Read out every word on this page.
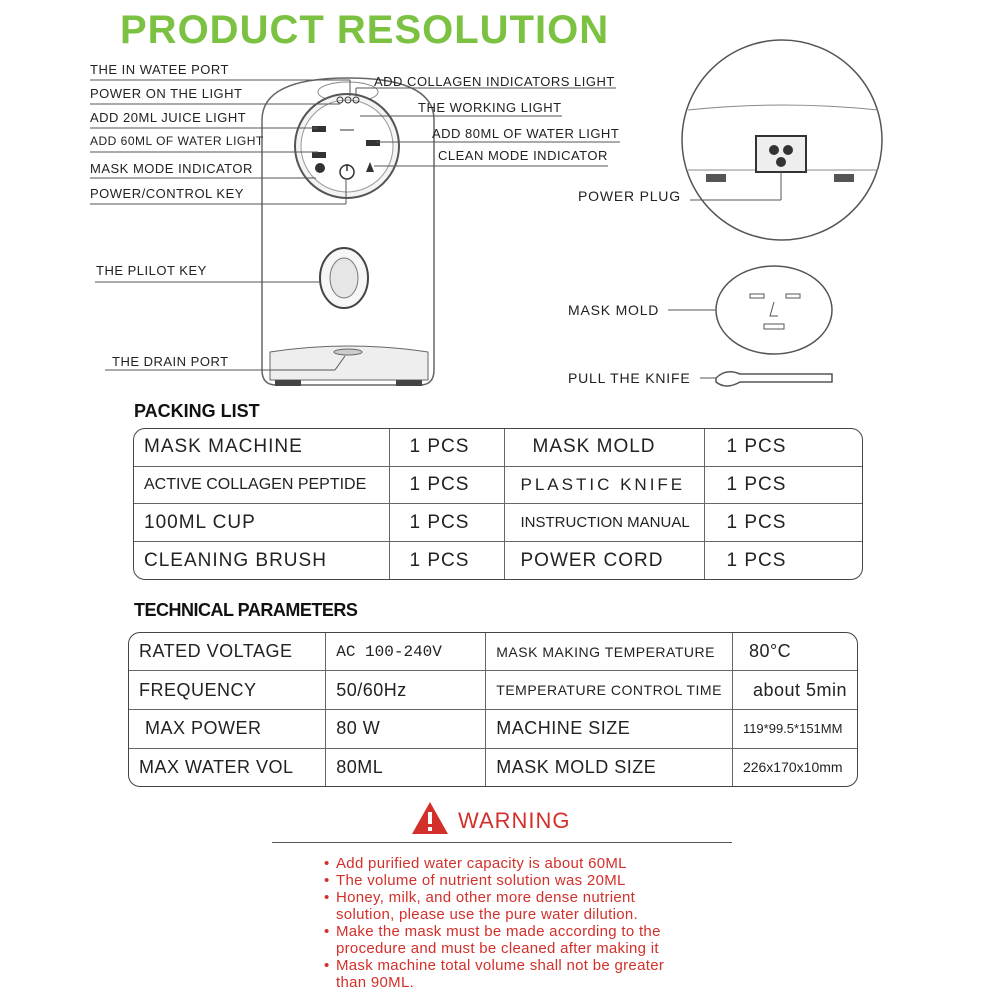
PRODUCT RESOLUTION
THE IN WATEE PORT
POWER ON THE LIGHT
ADD 20ML JUICE LIGHT
ADD 60ML OF WATER LIGHT
MASK MODE INDICATOR
POWER/CONTROL KEY
THE PLILOT KEY
THE DRAIN PORT
ADD COLLAGEN INDICATORS LIGHT
THE WORKING LIGHT
ADD 80ML OF WATER LIGHT
CLEAN MODE INDICATOR
POWER PLUG
MASK MOLD
PULL THE KNIFE
PACKING LIST
MASK MACHINE	1 PCS	MASK MOLD	1 PCS
ACTIVE COLLAGEN PEPTIDE	1 PCS	PLASTIC KNIFE	1 PCS
100ML CUP	1 PCS	INSTRUCTION MANUAL	1 PCS
CLEANING BRUSH	1 PCS	POWER CORD	1 PCS
TECHNICAL PARAMETERS
RATED VOLTAGE	AC 100-240V	MASK MAKING TEMPERATURE	80°C
FREQUENCY	50/60Hz	TEMPERATURE CONTROL TIME	about 5min
MAX POWER	80 W	MACHINE SIZE	119*99.5*151MM
MAX WATER VOL	80ML	MASK MOLD SIZE	226x170x10mm
WARNING
• Add purified water capacity is about 60ML
• The volume of nutrient solution was 20ML
• Honey, milk, and other more dense nutrient solution, please use the pure water dilution.
• Make the mask must be made according to the procedure and must be cleaned after making it
• Mask machine total volume shall not be greater than 90ML.
